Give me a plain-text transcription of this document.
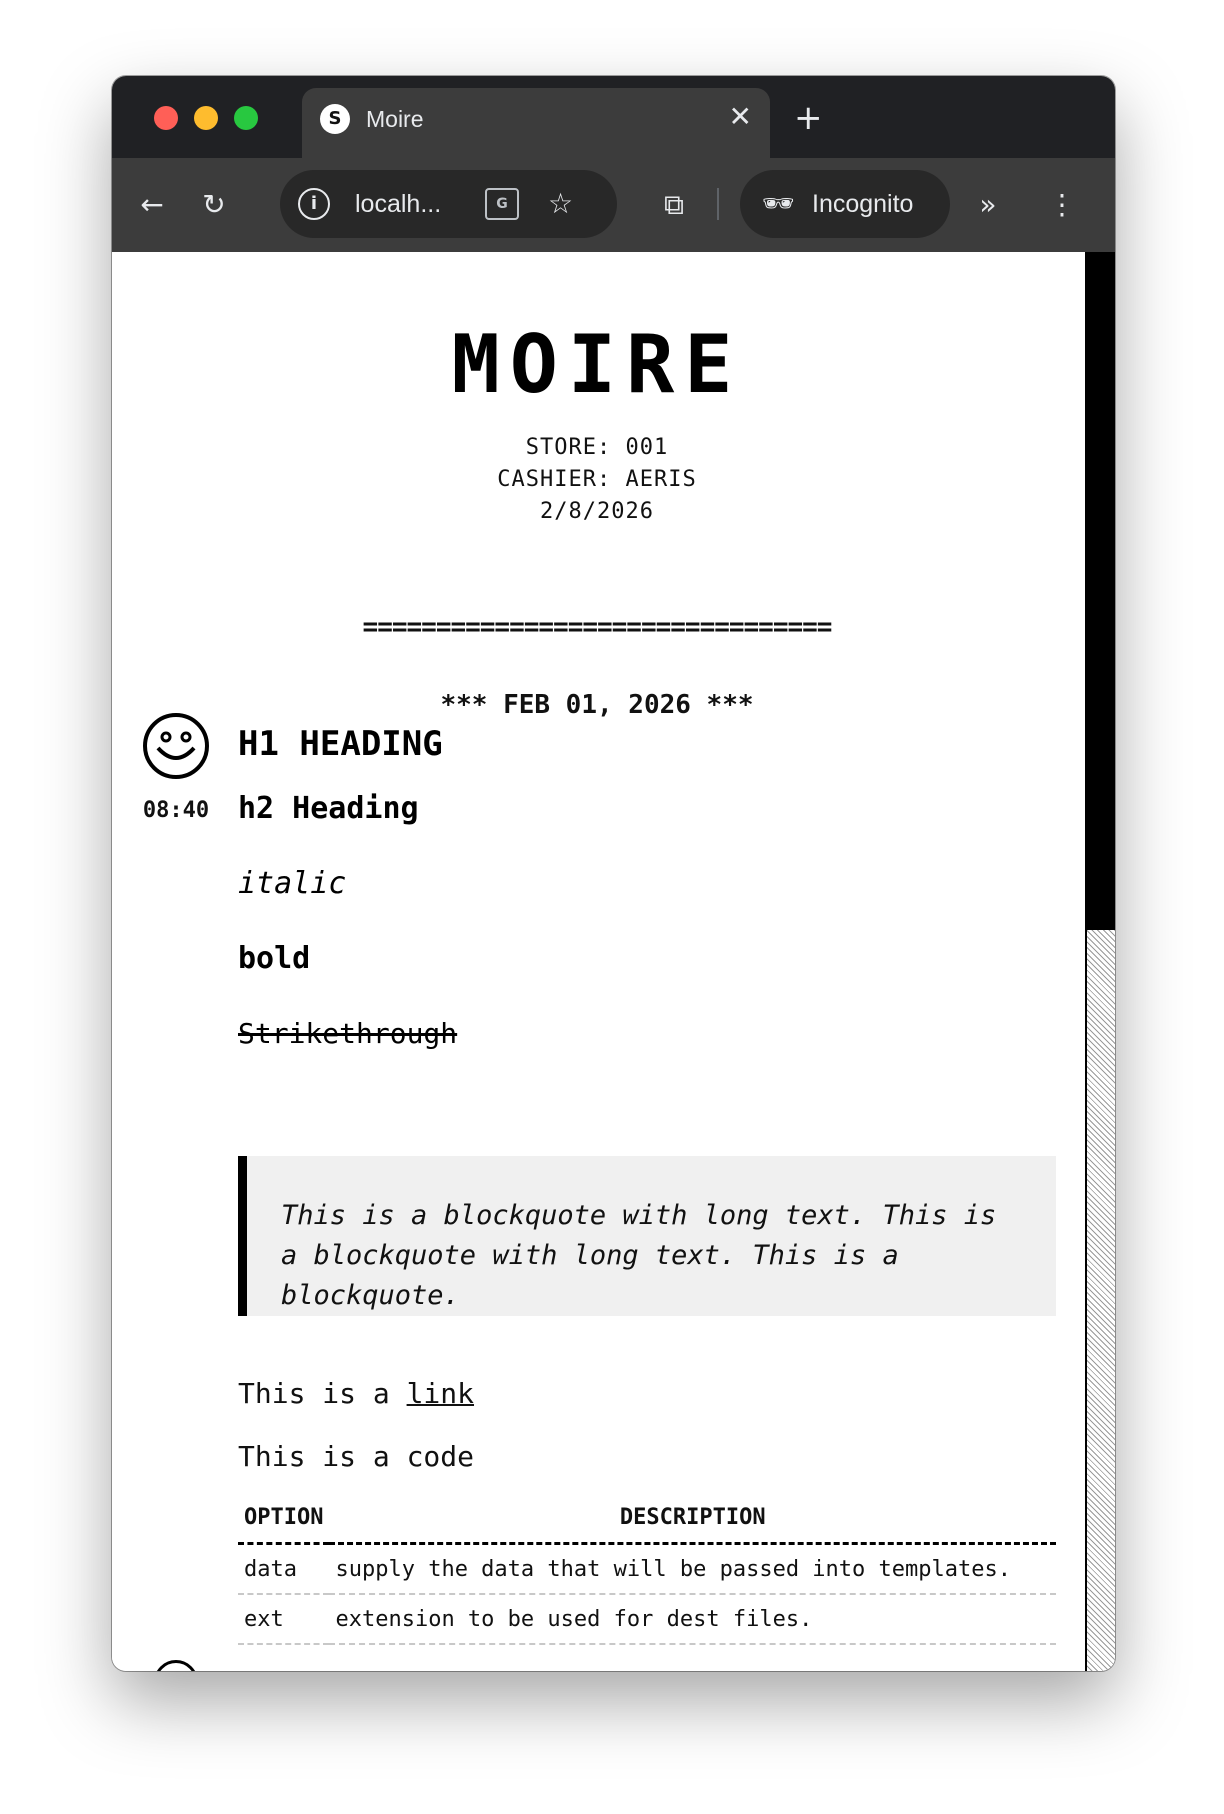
S	Moire	✕ +
← ↻	i	localh...	G	☆	⧉	🕶 Incognito	»	⋮
MOIRE
STORE: 001
CASHIER: AERIS
2/8/2026
================================
*** FEB 01, 2026 ***
08:40
H1 HEADING
h2 Heading
italic
bold
Strikethrough

This is a blockquote with long text. This is a blockquote with long text. This is a blockquote.

This is a link
This is a code
OPTION	DESCRIPTION
data	supply the data that will be passed into templates.
ext	extension to be used for dest files.
